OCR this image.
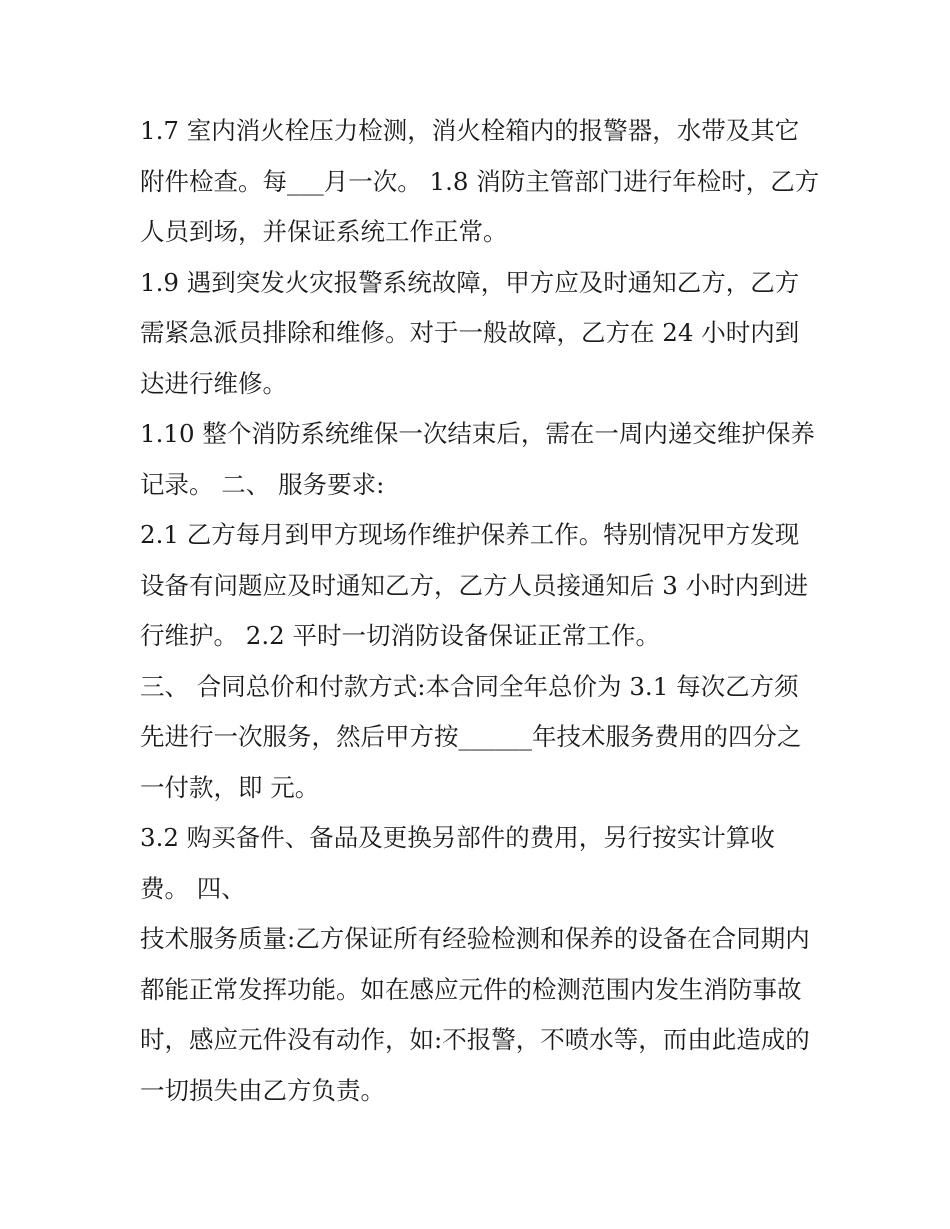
1.7 室内消火栓压力检测，消火栓箱内的报警器，水带及其它附件检查。每___月一次。 1.8 消防主管部门进行年检时，乙方人员到场，并保证系统工作正常。

1.9 遇到突发火灾报警系统故障，甲方应及时通知乙方，乙方需紧急派员排除和维修。对于一般故障，乙方在 24 小时内到达进行维修。

1.10 整个消防系统维保一次结束后，需在一周内递交维护保养记录。 二、 服务要求:

2.1 乙方每月到甲方现场作维护保养工作。特别情况甲方发现设备有问题应及时通知乙方，乙方人员接通知后 3 小时内到进行维护。 2.2 平时一切消防设备保证正常工作。

三、 合同总价和付款方式:本合同全年总价为 3.1 每次乙方须先进行一次服务，然后甲方按______年技术服务费用的四分之一付款，即 元。

3.2 购买备件、备品及更换另部件的费用，另行按实计算收 费。 四、

技术服务质量:乙方保证所有经验检测和保养的设备在合同期内都能正常发挥功能。如在感应元件的检测范围内发生消防事故时，感应元件没有动作，如:不报警，不喷水等，而由此造成的一切损失由乙方负责。
